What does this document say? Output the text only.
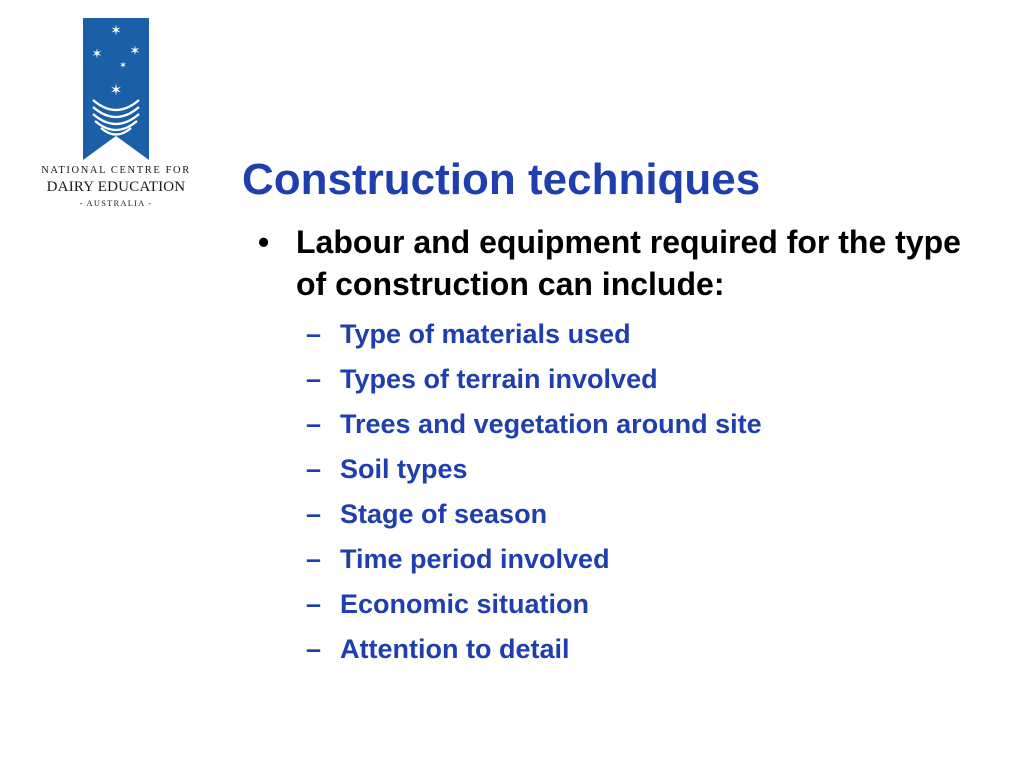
✶
✶ ✶
✶
✶
NATIONAL CENTRE FOR
DAIRY EDUCATION
- AUSTRALIA -	Construction techniques
• Labour and equipment required for the type of construction can include:
– Type of materials used
– Types of terrain involved
– Trees and vegetation around site
– Soil types
– Stage of season
– Time period involved
– Economic situation
– Attention to detail
